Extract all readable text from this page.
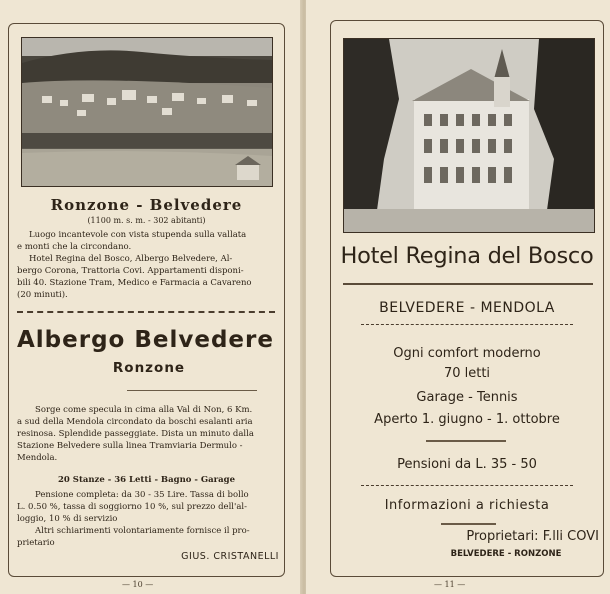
Ronzone - Belvedere

(1100 m. s. m. - 302 abitanti)

Luogo incantevole con vista stupenda sulla vallata

e monti che la circondano.

Hotel Regina del Bosco, Albergo Belvedere, Al-

bergo Corona, Trattoria Covi. Appartamenti disponi-

bili 40. Stazione Tram, Medico e Farmacia a Cavareno

(20 minuti).

Albergo Belvedere

Ronzone

Sorge come specula in cima alla Val di Non, 6 Km.

a sud della Mendola circondato da boschi esalanti aria

resinosa. Splendide passeggiate. Dista un minuto dalla

Stazione Belvedere sulla linea Tramviaria Dermulo -

Mendola.

20 Stanze - 36 Letti - Bagno - Garage

Pensione completa: da 30 - 35 Lire. Tassa di bollo

L. 0.50 %, tassa di soggiorno 10 %, sul prezzo dell'al-

loggio, 10 % di servizio

Altri schiarimenti volontariamente fornisce il pro-

prietario

GIUS. CRISTANELLI

— 10 —
Hotel Regina del Bosco

BELVEDERE - MENDOLA

Ogni comfort moderno

70 letti

Garage - Tennis

Aperto 1. giugno - 1. ottobre

Pensioni da L. 35 - 50

Informazioni a richiesta

Proprietari: F.lli COVI

BELVEDERE - RONZONE

— 11 —
